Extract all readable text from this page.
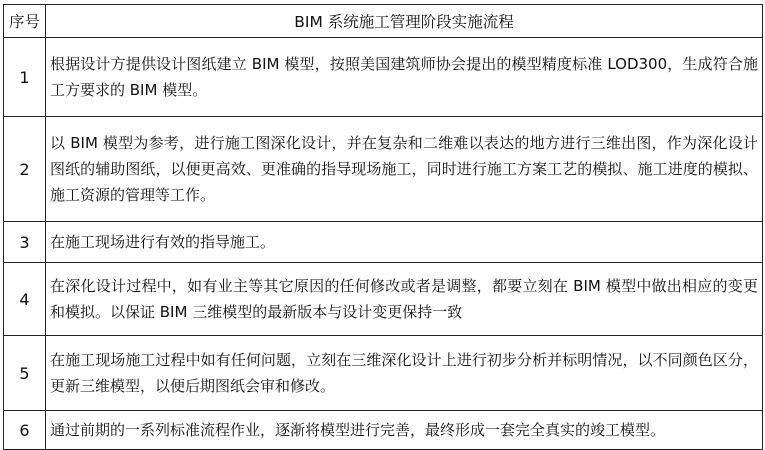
序号	BIM 系统施工管理阶段实施流程
1	根据设计方提供设计图纸建立 BIM 模型，按照美国建筑师协会提出的模型精度标准 LOD300，生成符合施工方要求的 BIM 模型。
2	以 BIM 模型为参考，进行施工图深化设计，并在复杂和二维难以表达的地方进行三维出图，作为深化设计图纸的辅助图纸，以便更高效、更准确的指导现场施工，同时进行施工方案工艺的模拟、施工进度的模拟、施工资源的管理等工作。
3	在施工现场进行有效的指导施工。
4	在深化设计过程中，如有业主等其它原因的任何修改或者是调整，都要立刻在 BIM 模型中做出相应的变更和模拟。以保证 BIM 三维模型的最新版本与设计变更保持一致
5	在施工现场施工过程中如有任何问题，立刻在三维深化设计上进行初步分析并标明情况，以不同颜色区分，更新三维模型，以便后期图纸会审和修改。
6	通过前期的一系列标准流程作业，逐渐将模型进行完善，最终形成一套完全真实的竣工模型。
